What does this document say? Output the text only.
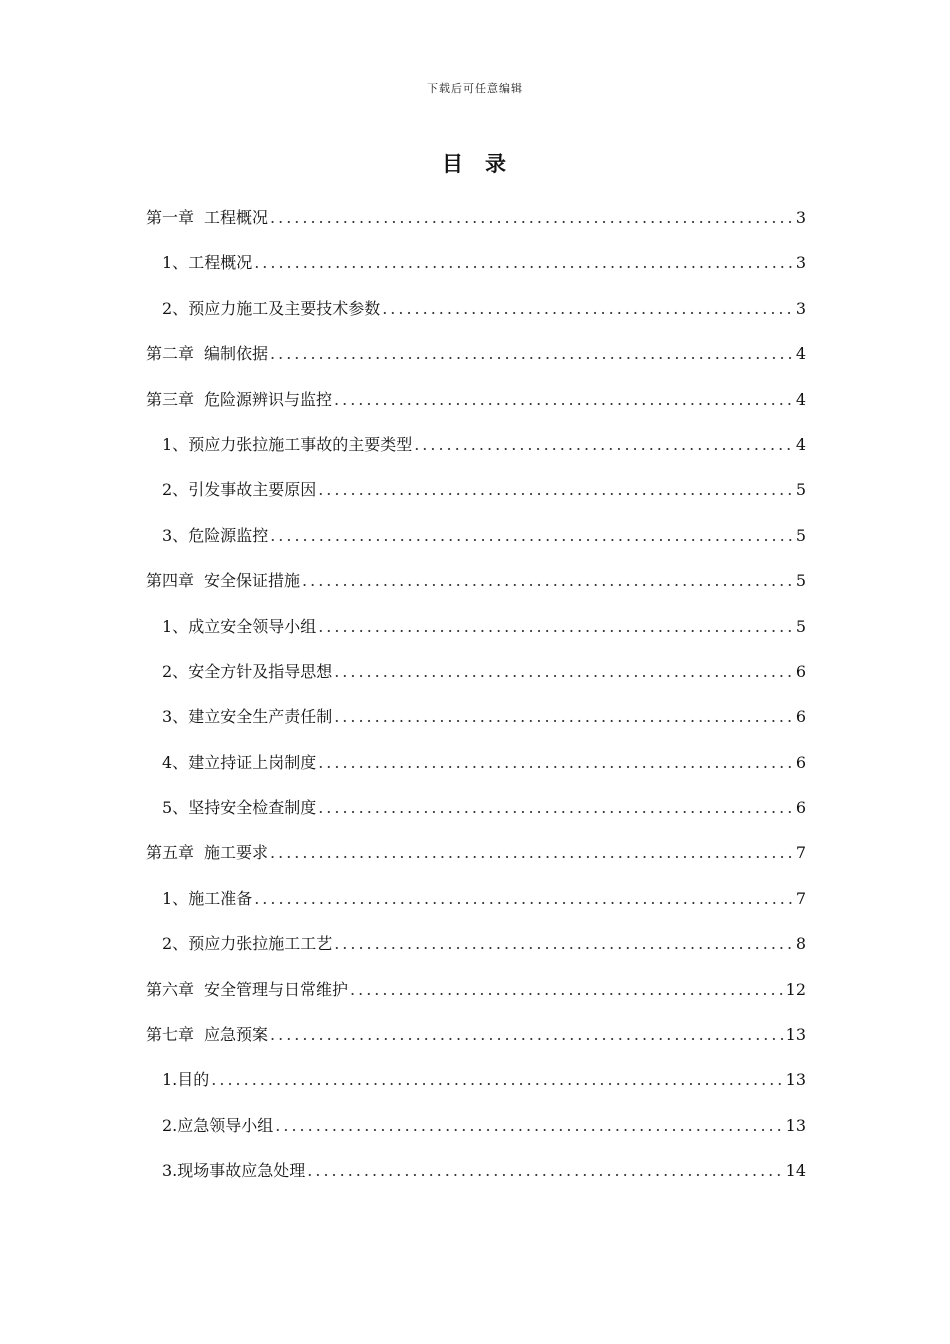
下载后可任意编辑
目 录
第一章 工程概况 .....	3
1、 工程概况 .....	3
2、 预应力施工及主要技术参数 .....	3
第二章 编制依据 .....	4
第三章 危险源辨识与监控 .....	4
1、 预应力张拉施工事故的主要类型 .....	4
2、 引发事故主要原因 .....	5
3、 危险源监控 .....	5
第四章 安全保证措施 .....	5
1、 成立安全领导小组 .....	5
2、 安全方针及指导思想 .....	6
3、 建立安全生产责任制 .....	6
4、 建立持证上岗制度 .....	6
5、 坚持安全检查制度 .....	6
第五章 施工要求 .....	7
1、 施工准备 .....	7
2、 预应力张拉施工工艺 .....	8
第六章 安全管理与日常维护 .....	12
第七章 应急预案 .....	13
1. 目的 .....	13
2. 应急领导小组 .....	13
3. 现场事故应急处理 .....	14
